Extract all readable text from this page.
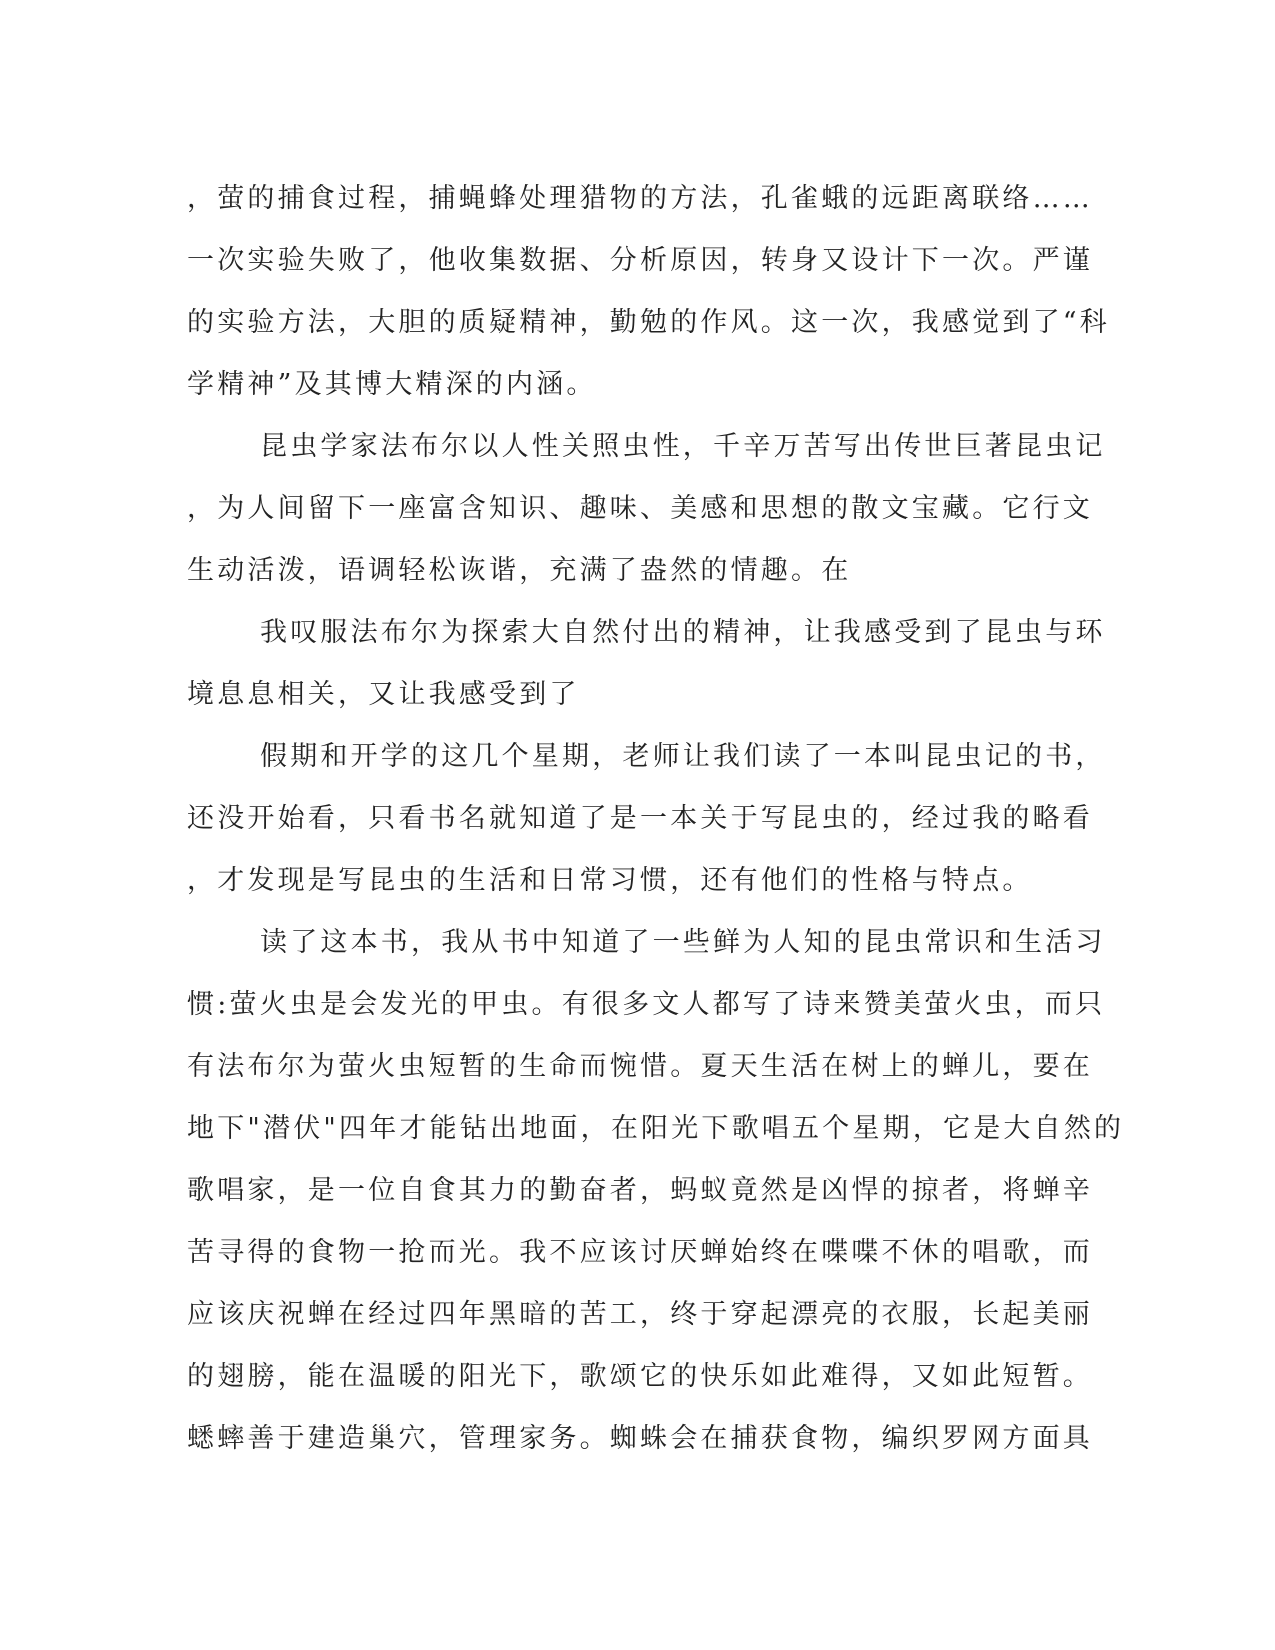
，萤的捕食过程，捕蝇蜂处理猎物的方法，孔雀蛾的远距离联络……
一次实验失败了，他收集数据、分析原因，转身又设计下一次。严谨
的实验方法，大胆的质疑精神，勤勉的作风。这一次，我感觉到了“科
学精神”及其博大精深的内涵。
昆虫学家法布尔以人性关照虫性，千辛万苦写出传世巨著昆虫记
，为人间留下一座富含知识、趣味、美感和思想的散文宝藏。它行文
生动活泼，语调轻松诙谐，充满了盎然的情趣。在
我叹服法布尔为探索大自然付出的精神，让我感受到了昆虫与环
境息息相关，又让我感受到了
假期和开学的这几个星期，老师让我们读了一本叫昆虫记的书，
还没开始看，只看书名就知道了是一本关于写昆虫的，经过我的略看
，才发现是写昆虫的生活和日常习惯，还有他们的性格与特点。
读了这本书，我从书中知道了一些鲜为人知的昆虫常识和生活习
惯:萤火虫是会发光的甲虫。有很多文人都写了诗来赞美萤火虫，而只
有法布尔为萤火虫短暂的生命而惋惜。夏天生活在树上的蝉儿，要在
地下"潜伏"四年才能钻出地面，在阳光下歌唱五个星期，它是大自然的
歌唱家，是一位自食其力的勤奋者，蚂蚁竟然是凶悍的掠者，将蝉辛
苦寻得的食物一抢而光。我不应该讨厌蝉始终在喋喋不休的唱歌，而
应该庆祝蝉在经过四年黑暗的苦工，终于穿起漂亮的衣服，长起美丽
的翅膀，能在温暖的阳光下，歌颂它的快乐如此难得，又如此短暂。
蟋蟀善于建造巢穴，管理家务。蜘蛛会在捕获食物，编织罗网方面具
